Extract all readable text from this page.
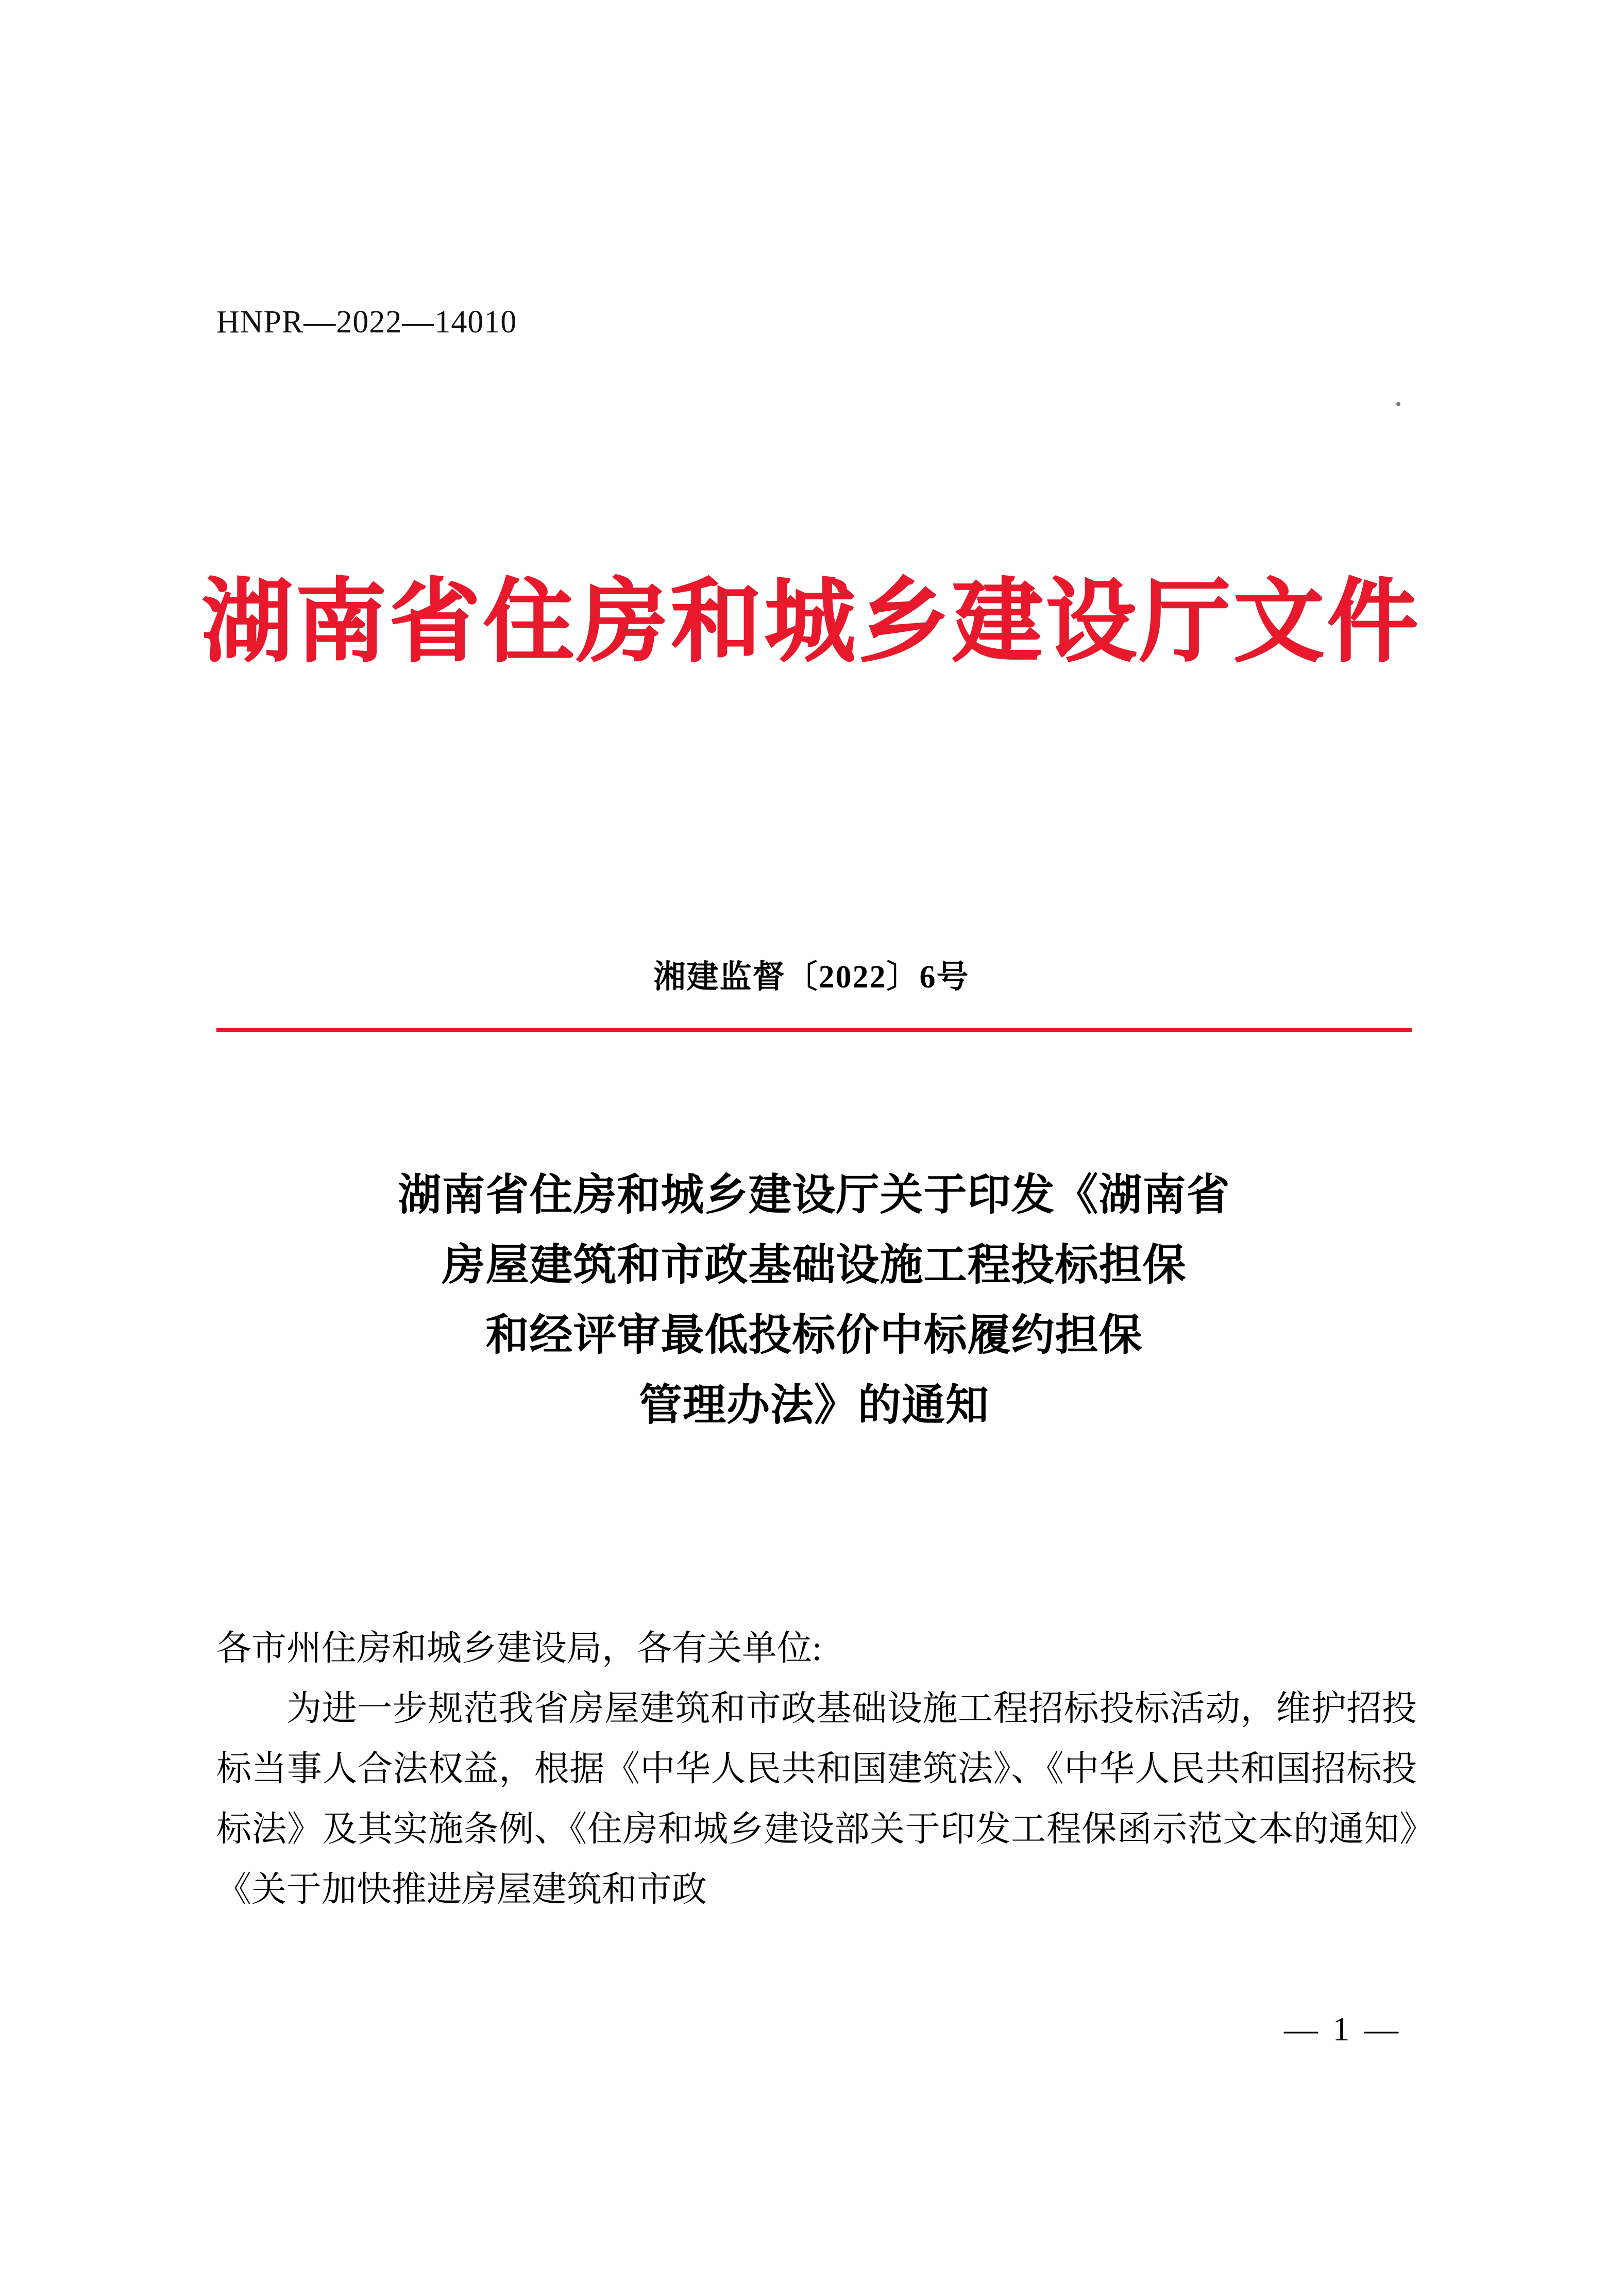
HNPR—2022—14010
湖南省住房和城乡建设厅文件
湘建监督〔2022〕6号
湖南省住房和城乡建设厅关于印发《湖南省
房屋建筑和市政基础设施工程投标担保
和经评审最低投标价中标履约担保
管理办法》的通知

各市州住房和城乡建设局，各有关单位:

为进一步规范我省房屋建筑和市政基础设施工程招标投标活动，维护招投标当事人合法权益，根据《中华人民共和国建筑法》、《中华人民共和国招标投标法》及其实施条例、《住房和城乡建设部关于印发工程保函示范文本的通知》《关于加快推进房屋建筑和市政

— 1 —
